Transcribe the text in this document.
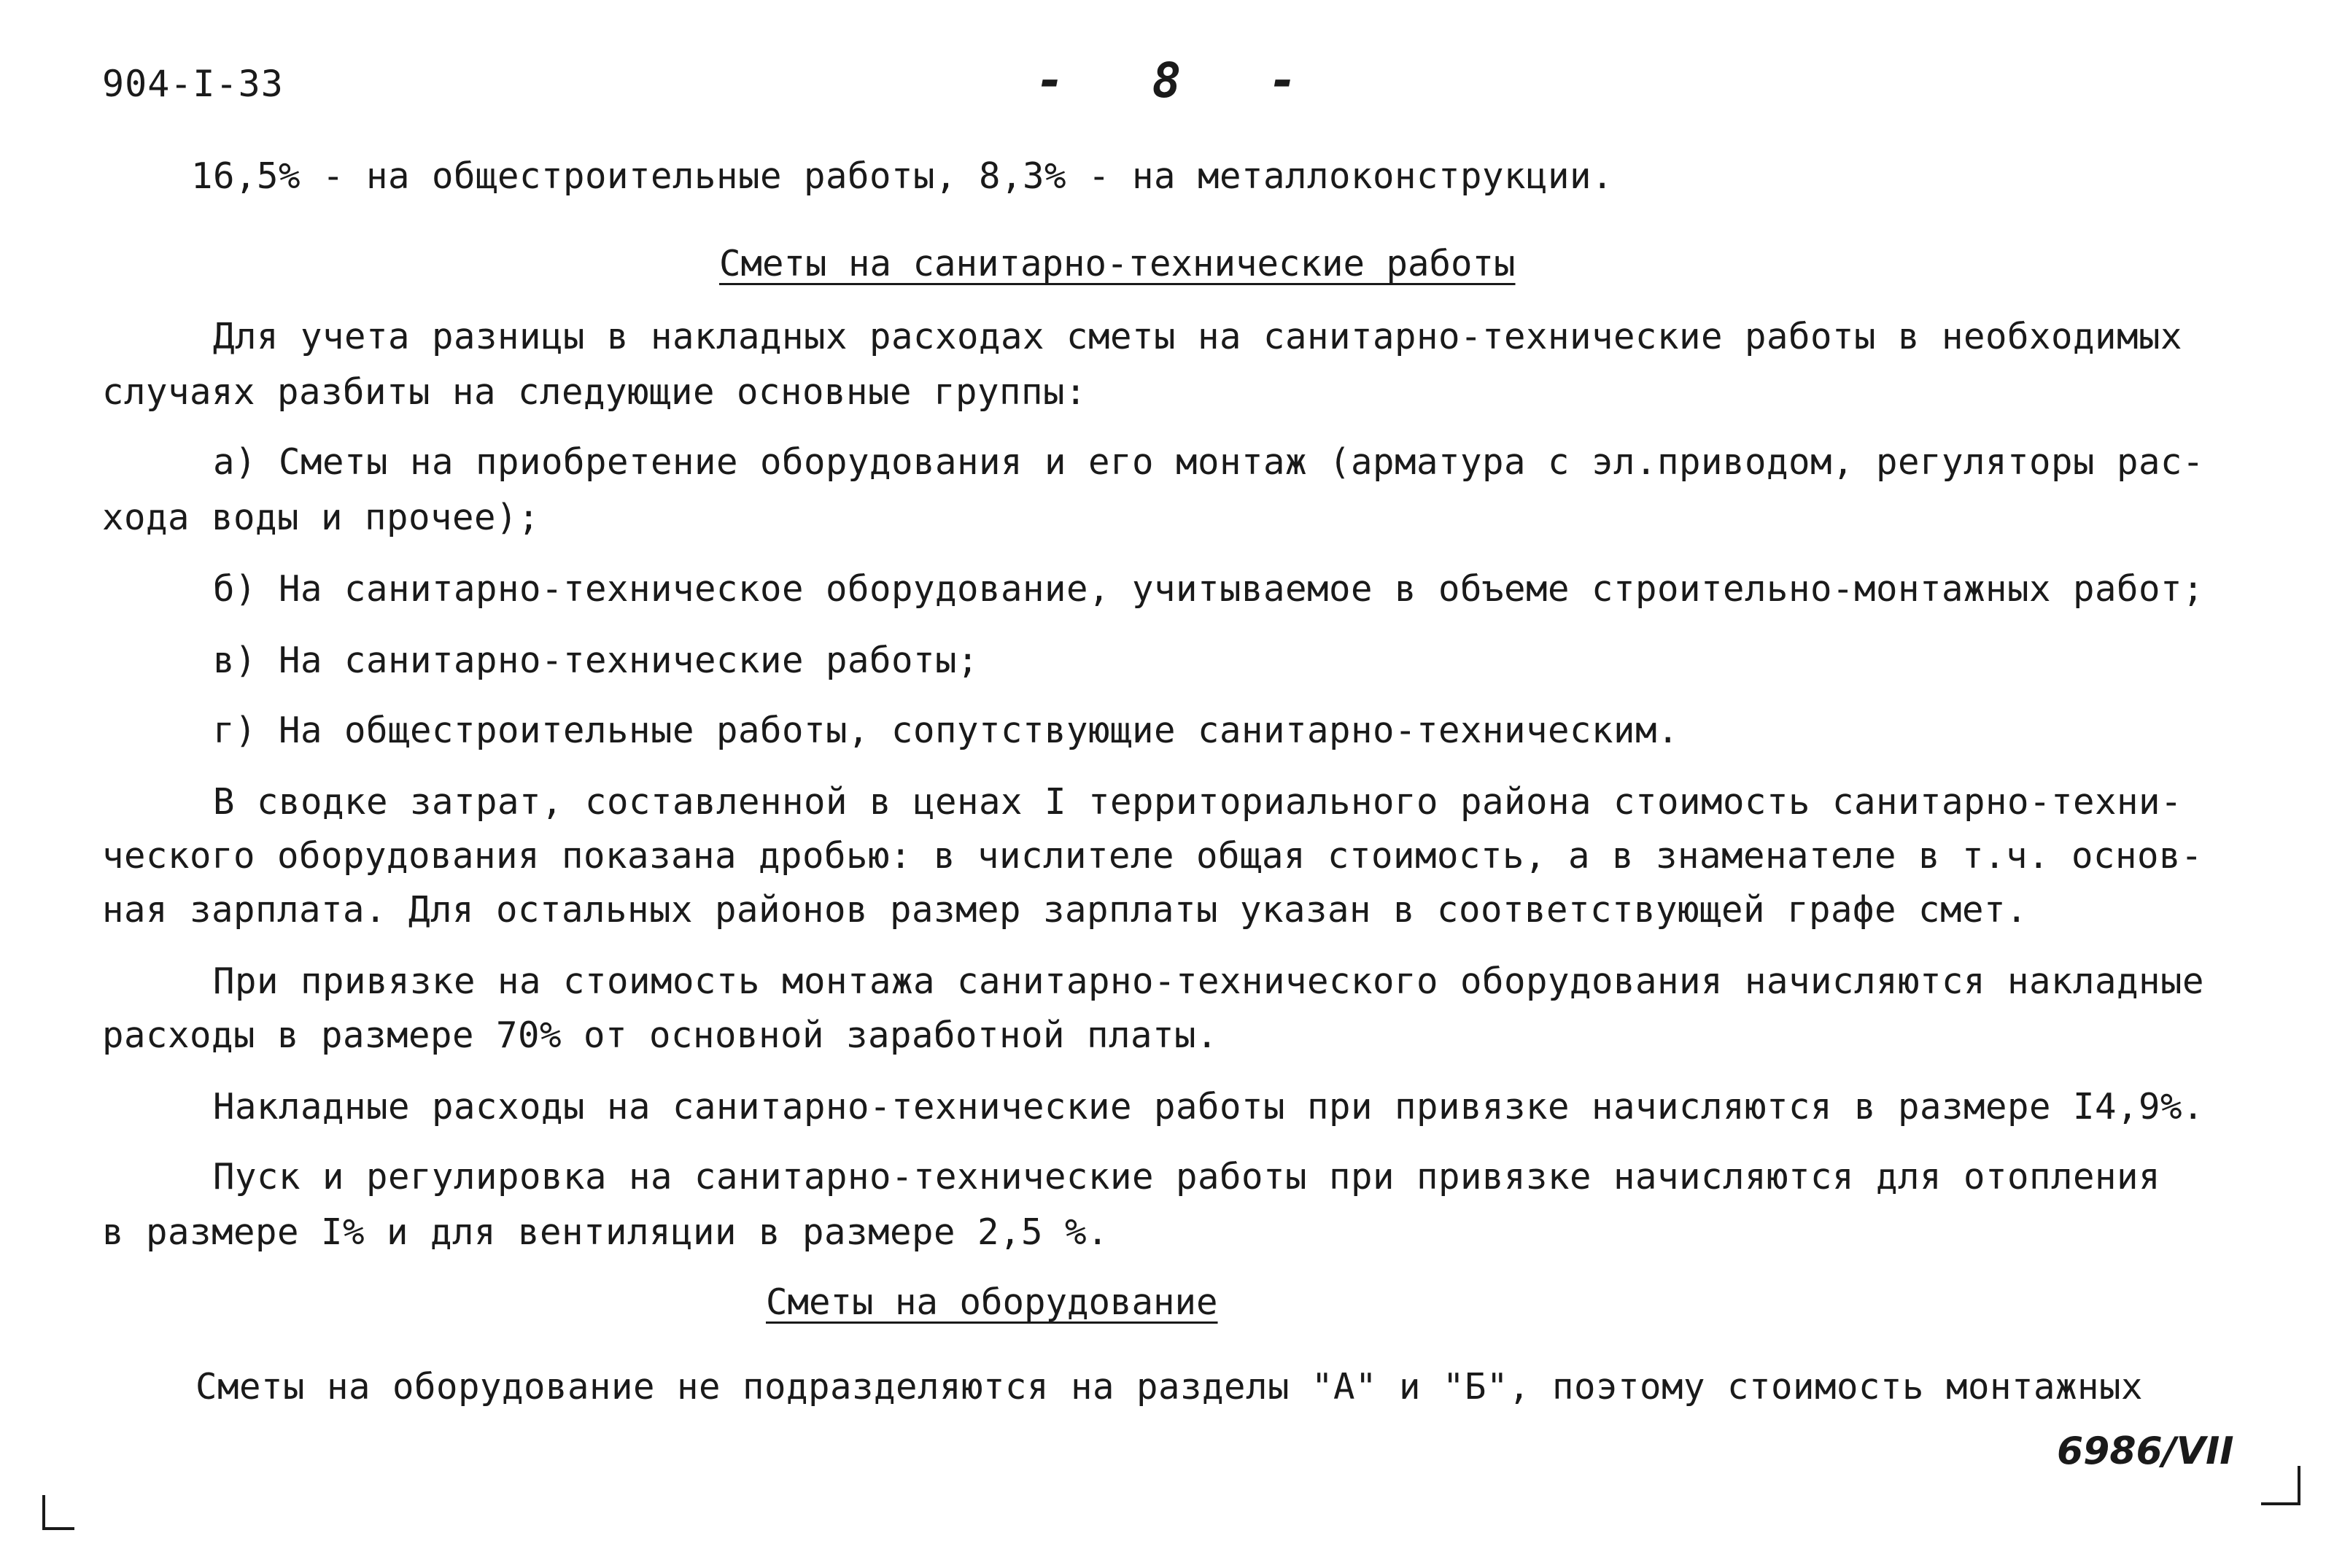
904-I-33	- 8 -
16,5% - на общестроительные работы, 8,3% - на металлоконструкции.
Сметы на санитарно-технические работы
Для учета разницы в накладных расходах сметы на санитарно-технические работы в необходимых
случаях разбиты на следующие основные группы:
а) Сметы на приобретение оборудования и его монтаж (арматура с эл.приводом, регуляторы рас-
хода воды и прочее);
б) На санитарно-техническое оборудование, учитываемое в объеме строительно-монтажных работ;
в) На санитарно-технические работы;
г) На общестроительные работы, сопутствующие санитарно-техническим.
В сводке затрат, составленной в ценах I территориального района стоимость санитарно-техни-
ческого оборудования показана дробью: в числителе общая стоимость, а в знаменателе в т.ч. основ-
ная зарплата. Для остальных районов размер зарплаты указан в соответствующей графе смет.
При привязке на стоимость монтажа санитарно-технического оборудования начисляются накладные
расходы в размере 70% от основной заработной платы.
Накладные расходы на санитарно-технические работы при привязке начисляются в размере I4,9%.
Пуск и регулировка на санитарно-технические работы при привязке начисляются для отопления
в размере I% и для вентиляции в размере 2,5 %.
Сметы на оборудование
Сметы на оборудование не подразделяются на разделы "А" и "Б", поэтому стоимость монтажных
6986/VII
